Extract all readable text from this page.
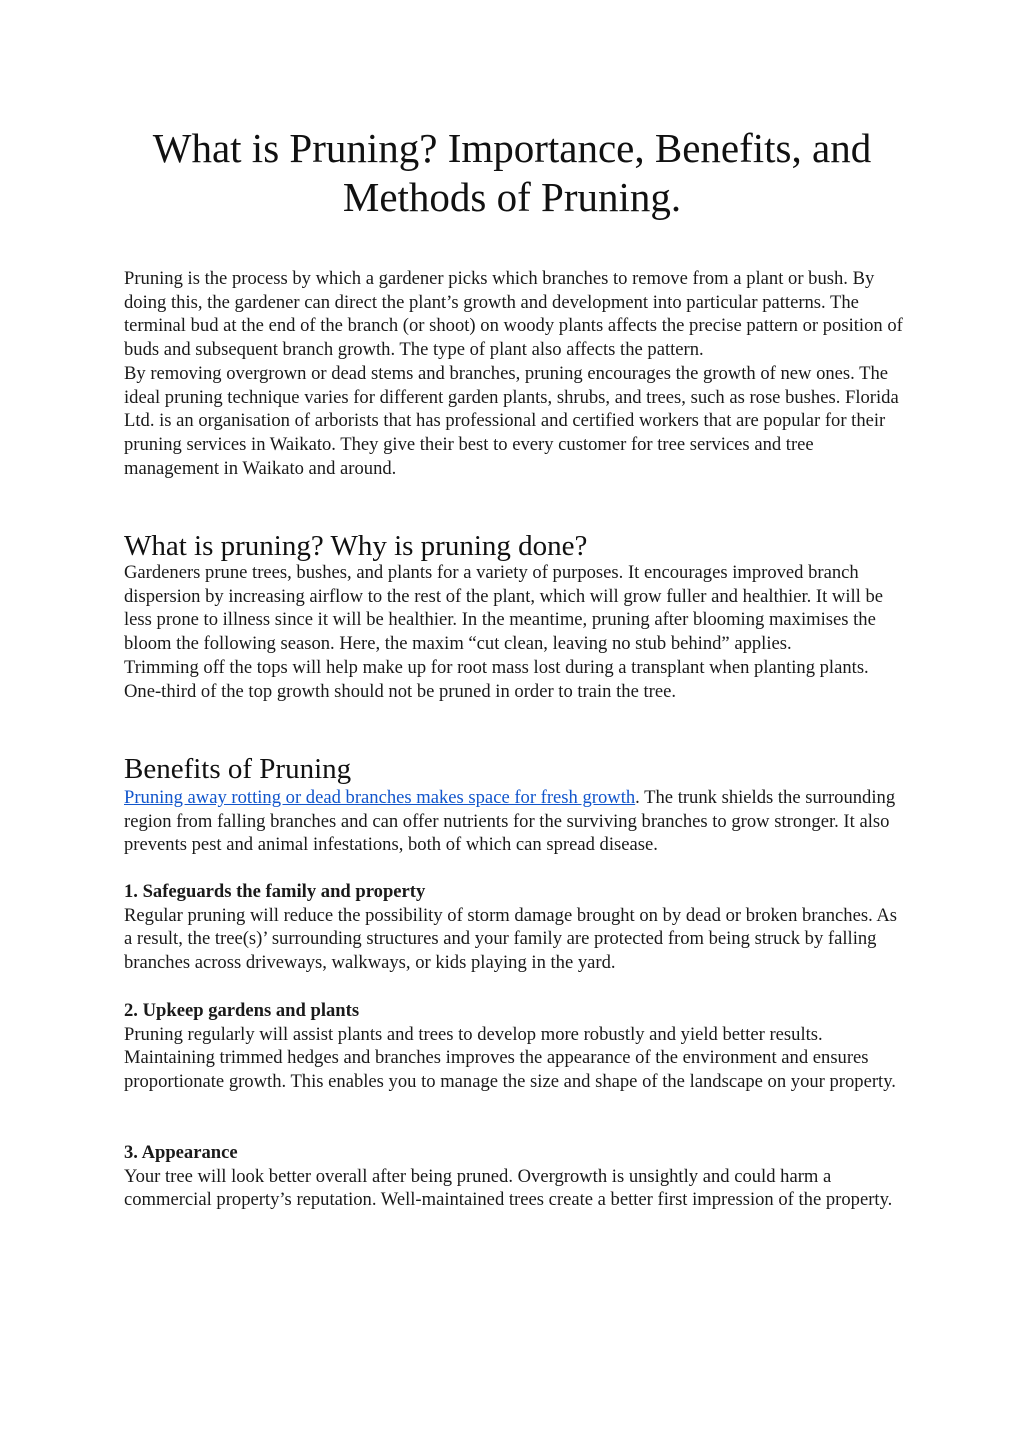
What is Pruning? Importance, Benefits, and Methods of Pruning.

Pruning is the process by which a gardener picks which branches to remove from a plant or bush. By doing this, the gardener can direct the plant’s growth and development into particular patterns. The terminal bud at the end of the branch (or shoot) on woody plants affects the precise pattern or position of buds and subsequent branch growth. The type of plant also affects the pattern.

By removing overgrown or dead stems and branches, pruning encourages the growth of new ones. The ideal pruning technique varies for different garden plants, shrubs, and trees, such as rose bushes. Florida Ltd. is an organisation of arborists that has professional and certified workers that are popular for their pruning services in Waikato. They give their best to every customer for tree services and tree management in Waikato and around.

What is pruning? Why is pruning done?

Gardeners prune trees, bushes, and plants for a variety of purposes. It encourages improved branch dispersion by increasing airflow to the rest of the plant, which will grow fuller and healthier. It will be less prone to illness since it will be healthier. In the meantime, pruning after blooming maximises the bloom the following season. Here, the maxim “cut clean, leaving no stub behind” applies.

Trimming off the tops will help make up for root mass lost during a transplant when planting plants. One-third of the top growth should not be pruned in order to train the tree.

Benefits of Pruning

Pruning away rotting or dead branches makes space for fresh growth. The trunk shields the surrounding region from falling branches and can offer nutrients for the surviving branches to grow stronger. It also prevents pest and animal infestations, both of which can spread disease.

1. Safeguards the family and property

Regular pruning will reduce the possibility of storm damage brought on by dead or broken branches. As a result, the tree(s)’ surrounding structures and your family are protected from being struck by falling branches across driveways, walkways, or kids playing in the yard.

2. Upkeep gardens and plants

Pruning regularly will assist plants and trees to develop more robustly and yield better results. Maintaining trimmed hedges and branches improves the appearance of the environment and ensures proportionate growth. This enables you to manage the size and shape of the landscape on your property.

3. Appearance

Your tree will look better overall after being pruned. Overgrowth is unsightly and could harm a commercial property’s reputation. Well-maintained trees create a better first impression of the property.
